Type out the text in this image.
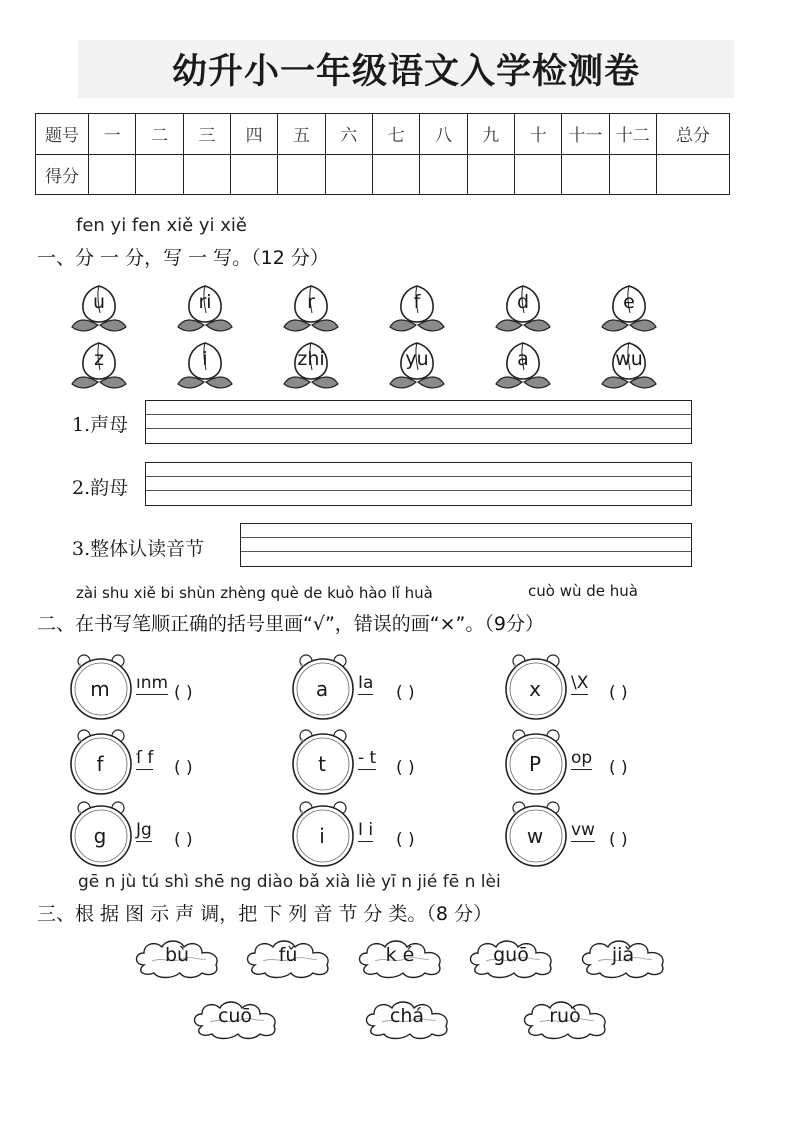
幼升小一年级语文入学检测卷
题号	一	二	三	四	五	六	七	八	九	十	十一	十二	总分
得分													
fen yi fen xiě yi xiě
一、分 一 分，写 一 写。（12 分）
u	ri	r	f	d	e
z	i	zhi	yu	a	wu
1.声母
2.韵母
3.整体认读音节
zài shu xiě bi shùn zhèng què de kuò hào lǐ huà	cuò wù de huà
二、在书写笔顺正确的括号里画“√”，错误的画“×”。（9分）
m	ınm ( )	a	Ia ( )	x	\X ( )
f	ſ f ( )	t	- t ( )	P	op ( )
g	Jg ( )	i	I i ( )	w	vw ( )
gē n jù tú shì shē ng diào bǎ xià liè yī n jié fē n lèi
三、根 据 图 示 声 调，把 下 列 音 节 分 类。（8 分）
bù	fǔ	k é	guō	jiǎ
cuō	chá	ruò
